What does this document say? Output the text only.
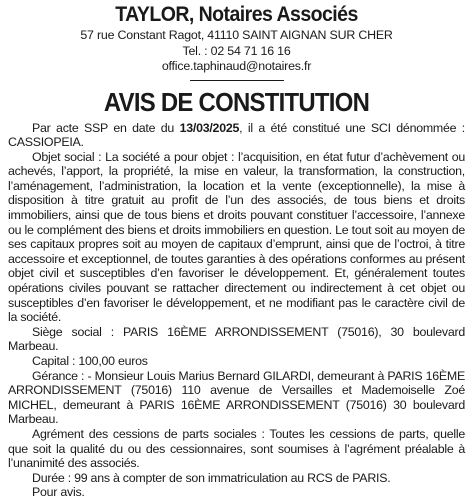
TAYLOR, Notaires Associés

57 rue Constant Ragot, 41110 SAINT AIGNAN SUR CHER

Tel. : 02 54 71 16 16

office.taphinaud@notaires.fr

AVIS DE CONSTITUTION

Par acte SSP en date du 13/03/2025, il a été constitué une SCI dénommée : CASSIOPEIA.

Objet social : La société a pour objet : l’acquisition, en état futur d’achèvement ou achevés, l’apport, la propriété, la mise en valeur, la transformation, la construction, l’aménagement, l’administration, la location et la vente (exceptionnelle), la mise à disposition à titre gratuit au profit de l’un des associés, de tous biens et droits immobiliers, ainsi que de tous biens et droits pouvant constituer l’accessoire, l’annexe ou le complément des biens et droits immobiliers en question. Le tout soit au moyen de ses capitaux propres soit au moyen de capitaux d’emprunt, ainsi que de l’octroi, à titre accessoire et exceptionnel, de toutes garanties à des opérations conformes au présent objet civil et susceptibles d’en favoriser le développement. Et, généralement toutes opérations civiles pouvant se rattacher directement ou indirectement à cet objet ou susceptibles d’en favoriser le développement, et ne modifiant pas le caractère civil de la société.

Siège social : PARIS 16ÈME ARRONDISSEMENT (75016), 30 boulevard Marbeau.

Capital : 100,00 euros

Gérance : - Monsieur Louis Marius Bernard GILARDI, demeurant à PARIS 16ÈME ARRONDISSEMENT (75016) 110 avenue de Versailles et Mademoiselle Zoé MICHEL, demeurant à PARIS 16ÈME ARRONDISSEMENT (75016) 30 boulevard Marbeau.

Agrément des cessions de parts sociales : Toutes les cessions de parts, quelle que soit la qualité du ou des cessionnaires, sont soumises à l’agrément préalable à l’unanimité des associés.

Durée : 99 ans à compter de son immatriculation au RCS de PARIS.

Pour avis.
